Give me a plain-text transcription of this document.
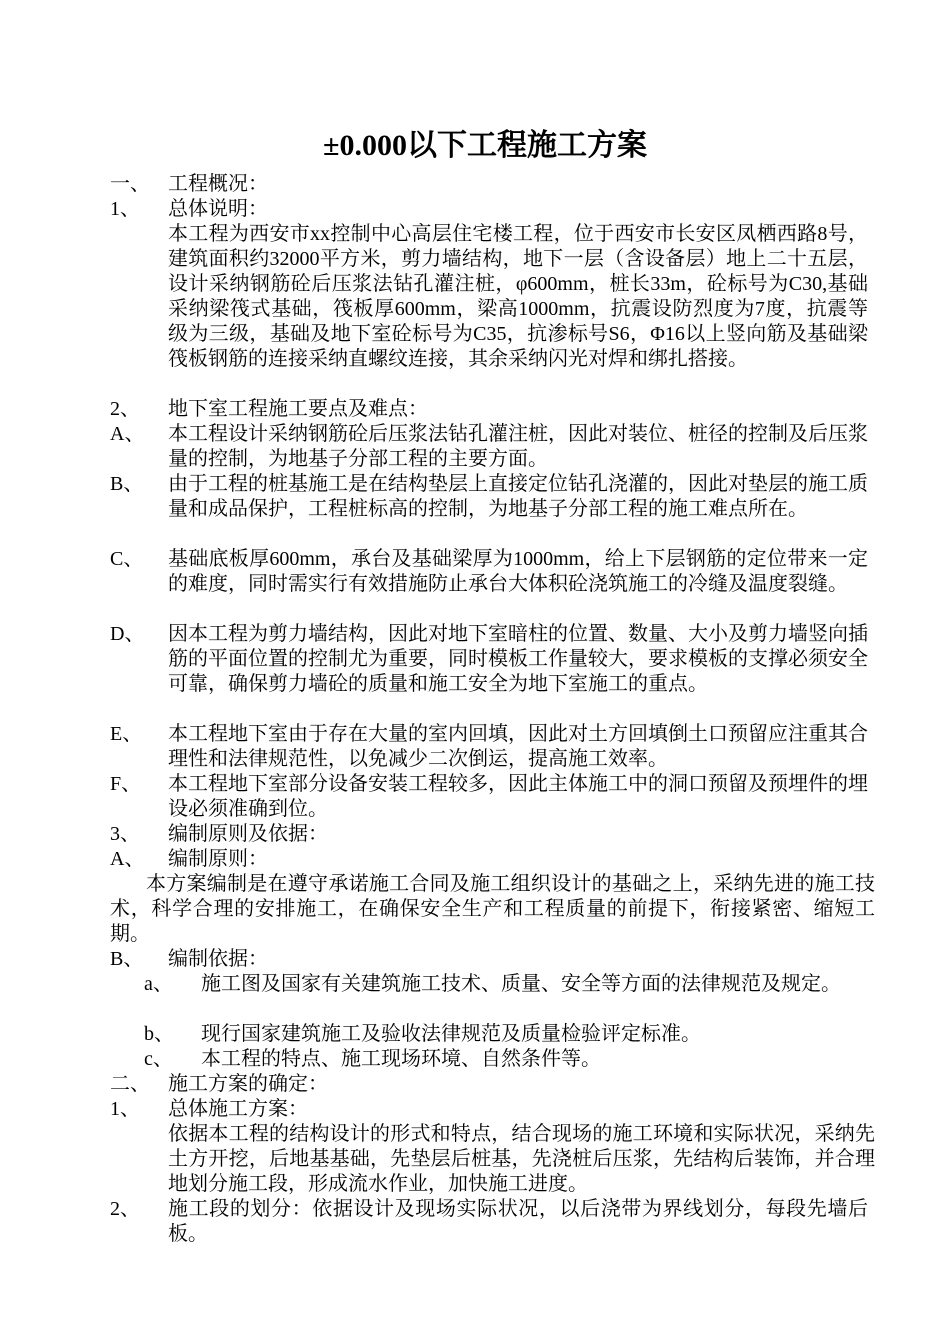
±0.000以下工程施工方案
一、 工程概况：
1、 总体说明：
本工程为西安市xx控制中心高层住宅楼工程，位于西安市长安区凤栖西路8号，建筑面积约32000平方米，剪力墙结构，地下一层（含设备层）地上二十五层，设计采纳钢筋砼后压浆法钻孔灌注桩，φ600mm，桩长33m，砼标号为C30,基础采纳梁筏式基础，筏板厚600mm，梁高1000mm，抗震设防烈度为7度，抗震等级为三级，基础及地下室砼标号为C35，抗渗标号S6，Φ16以上竖向筋及基础梁筏板钢筋的连接采纳直螺纹连接，其余采纳闪光对焊和绑扎搭接。
2、 地下室工程施工要点及难点：
A、 本工程设计采纳钢筋砼后压浆法钻孔灌注桩，因此对装位、桩径的控制及后压浆量的控制，为地基子分部工程的主要方面。
B、 由于工程的桩基施工是在结构垫层上直接定位钻孔浇灌的，因此对垫层的施工质量和成品保护，工程桩标高的控制，为地基子分部工程的施工难点所在。
C、 基础底板厚600mm，承台及基础梁厚为1000mm，给上下层钢筋的定位带来一定的难度，同时需实行有效措施防止承台大体积砼浇筑施工的冷缝及温度裂缝。
D、 因本工程为剪力墙结构，因此对地下室暗柱的位置、数量、大小及剪力墙竖向插筋的平面位置的控制尤为重要，同时模板工作量较大，要求模板的支撑必须安全可靠，确保剪力墙砼的质量和施工安全为地下室施工的重点。
E、 本工程地下室由于存在大量的室内回填，因此对土方回填倒土口预留应注重其合理性和法律规范性，以免减少二次倒运，提高施工效率。
F、 本工程地下室部分设备安装工程较多，因此主体施工中的洞口预留及预埋件的埋设必须准确到位。
3、 编制原则及依据：
A、 编制原则：
本方案编制是在遵守承诺施工合同及施工组织设计的基础之上，采纳先进的施工技术，科学合理的安排施工，在确保安全生产和工程质量的前提下，衔接紧密、缩短工期。
B、 编制依据：
a、 施工图及国家有关建筑施工技术、质量、安全等方面的法律规范及规定。
b、 现行国家建筑施工及验收法律规范及质量检验评定标准。
c、 本工程的特点、施工现场环境、自然条件等。
二、 施工方案的确定：
1、 总体施工方案：
依据本工程的结构设计的形式和特点，结合现场的施工环境和实际状况，采纳先土方开挖，后地基基础，先垫层后桩基，先浇桩后压浆，先结构后装饰，并合理地划分施工段，形成流水作业，加快施工进度。
2、 施工段的划分：依据设计及现场实际状况，以后浇带为界线划分，每段先墙后板。
